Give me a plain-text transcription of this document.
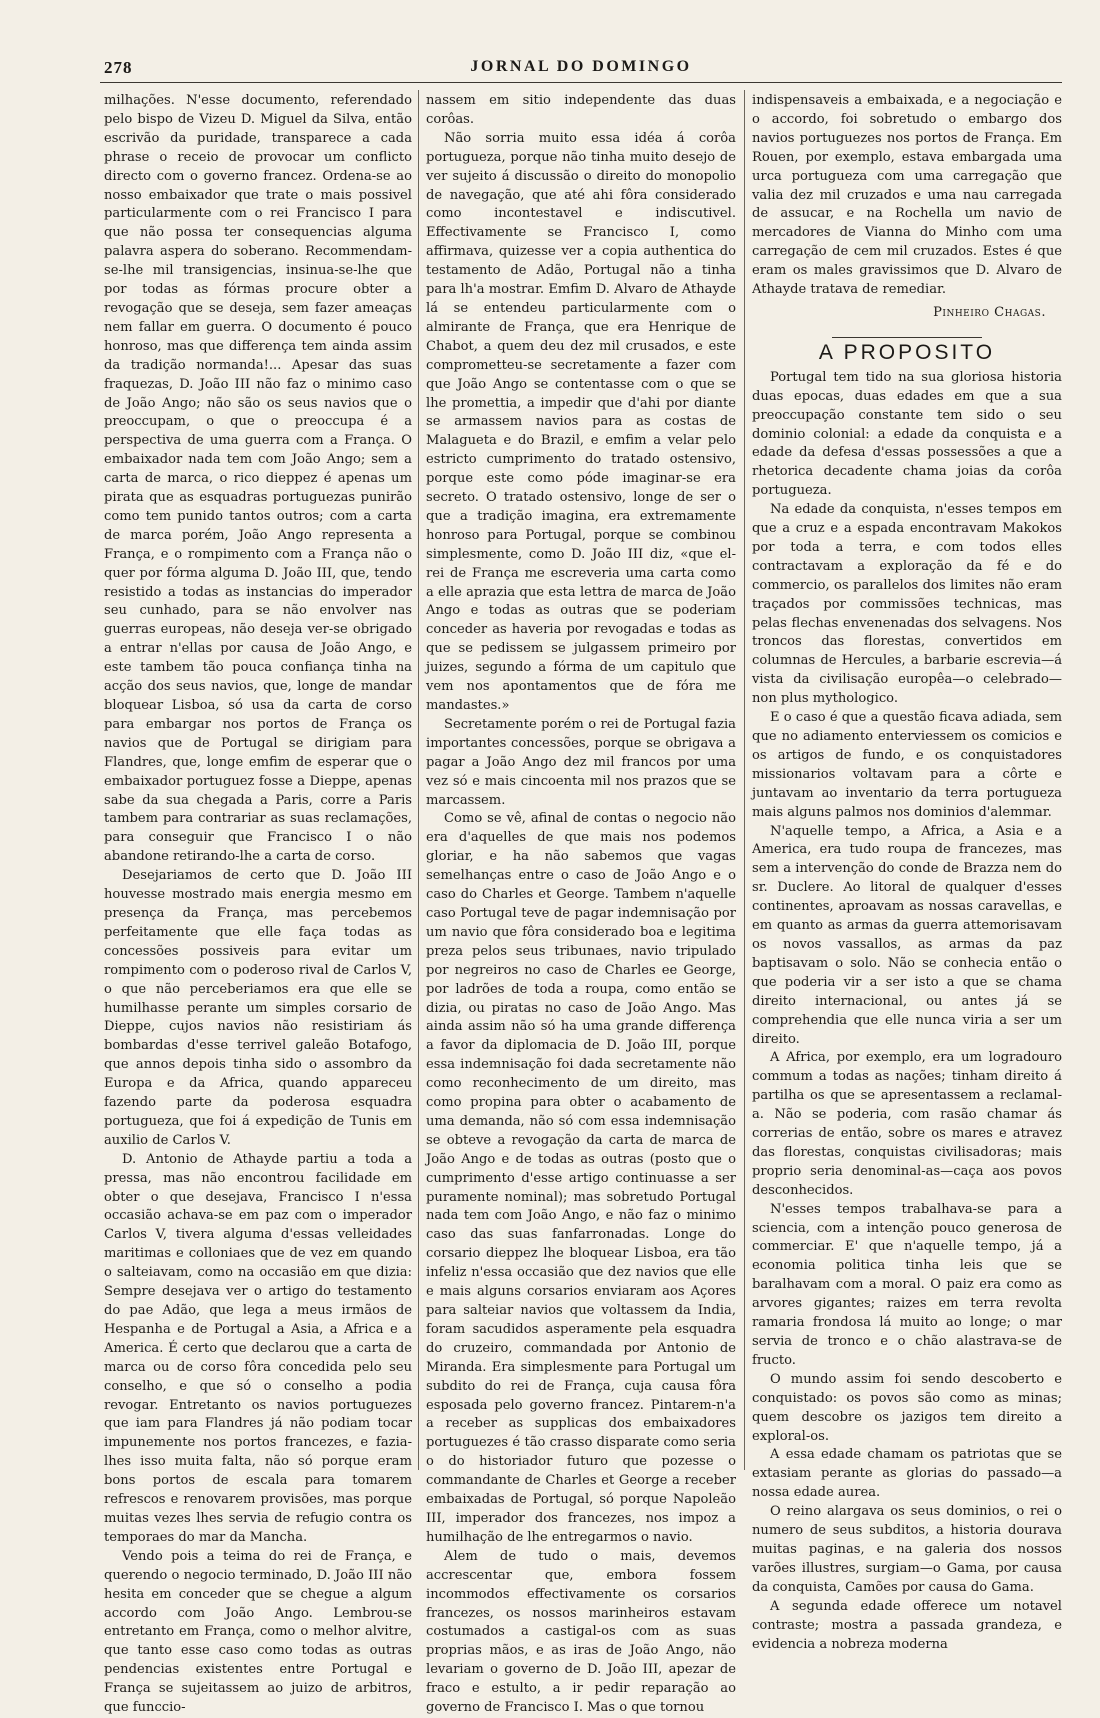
278	JORNAL DO DOMINGO

milhações. N'esse documento, referendado pelo bispo de Vizeu D. Miguel da Silva, então escrivão da puridade, transparece a cada phrase o receio de provocar um conflicto directo com o governo francez. Ordena-se ao nosso embaixador que trate o mais possivel particularmente com o rei Francisco I para que não possa ter consequencias alguma palavra aspera do soberano. Recommendam-se-lhe mil transigencias, insinua-se-lhe que por todas as fórmas procure obter a revogação que se deseja, sem fazer ameaças nem fallar em guerra. O documento é pouco honroso, mas que differença tem ainda assim da tradição normanda!... Apesar das suas fraquezas, D. João III não faz o minimo caso de João Ango; não são os seus navios que o preoccupam, o que o preoccupa é a perspectiva de uma guerra com a França. O embaixador nada tem com João Ango; sem a carta de marca, o rico dieppez é apenas um pirata que as esquadras portuguezas punirão como tem punido tantos outros; com a carta de marca porém, João Ango representa a França, e o rompimento com a França não o quer por fórma alguma D. João III, que, tendo resistido a todas as instancias do imperador seu cunhado, para se não envolver nas guerras europeas, não deseja ver-se obrigado a entrar n'ellas por causa de João Ango, e este tambem tão pouca confiança tinha na acção dos seus navios, que, longe de mandar bloquear Lisboa, só usa da carta de corso para embargar nos portos de França os navios que de Portugal se dirigiam para Flandres, que, longe emfim de esperar que o embaixador portuguez fosse a Dieppe, apenas sabe da sua chegada a Paris, corre a Paris tambem para contrariar as suas reclamações, para conseguir que Francisco I o não abandone retirando-lhe a carta de corso.

Desejariamos de certo que D. João III houvesse mostrado mais energia mesmo em presença da França, mas percebemos perfeitamente que elle faça todas as concessões possiveis para evitar um rompimento com o poderoso rival de Carlos V, o que não perceberiamos era que elle se humilhasse perante um simples corsario de Dieppe, cujos navios não resistiriam ás bombardas d'esse terrivel galeão Botafogo, que annos depois tinha sido o assombro da Europa e da Africa, quando appareceu fazendo parte da poderosa esquadra portugueza, que foi á expedição de Tunis em auxilio de Carlos V.

D. Antonio de Athayde partiu a toda a pressa, mas não encontrou facilidade em obter o que desejava, Francisco I n'essa occasião achava-se em paz com o imperador Carlos V, tivera alguma d'essas velleidades maritimas e colloniaes que de vez em quando o salteiavam, como na occasião em que dizia: Sempre desejava ver o artigo do testamento do pae Adão, que lega a meus irmãos de Hespanha e de Portugal a Asia, a Africa e a America. É certo que declarou que a carta de marca ou de corso fôra concedida pelo seu conselho, e que só o conselho a podia revogar. Entretanto os navios portuguezes que iam para Flandres já não podiam tocar impunemente nos portos francezes, e fazia-lhes isso muita falta, não só porque eram bons portos de escala para tomarem refrescos e renovarem provisões, mas porque muitas vezes lhes servia de refugio contra os temporaes do mar da Mancha.

Vendo pois a teima do rei de França, e querendo o negocio terminado, D. João III não hesita em conceder que se chegue a algum accordo com João Ango. Lembrou-se entretanto em França, como o melhor alvitre, que tanto esse caso como todas as outras pendencias existentes entre Portugal e França se sujeitassem ao juizo de arbitros, que funccio-

nassem em sitio independente das duas corôas.

Não sorria muito essa idéa á corôa portugueza, porque não tinha muito desejo de ver sujeito á discussão o direito do monopolio de navegação, que até ahi fôra considerado como incontestavel e indiscutivel. Effectivamente se Francisco I, como affirmava, quizesse ver a copia authentica do testamento de Adão, Portugal não a tinha para lh'a mostrar. Emfim D. Alvaro de Athayde lá se entendeu particularmente com o almirante de França, que era Henrique de Chabot, a quem deu dez mil crusados, e este comprometteu-se secretamente a fazer com que João Ango se contentasse com o que se lhe promettia, a impedir que d'ahi por diante se armassem navios para as costas de Malagueta e do Brazil, e emfim a velar pelo estricto cumprimento do tratado ostensivo, porque este como póde imaginar-se era secreto. O tratado ostensivo, longe de ser o que a tradição imagina, era extremamente honroso para Portugal, porque se combinou simplesmente, como D. João III diz, «que el-rei de França me escreveria uma carta como a elle aprazia que esta lettra de marca de João Ango e todas as outras que se poderiam conceder as haveria por revogadas e todas as que se pedissem se julgassem primeiro por juizes, segundo a fórma de um capitulo que vem nos apontamentos que de fóra me mandastes.»

Secretamente porém o rei de Portugal fazia importantes concessões, porque se obrigava a pagar a João Ango dez mil francos por uma vez só e mais cincoenta mil nos prazos que se marcassem.

Como se vê, afinal de contas o negocio não era d'aquelles de que mais nos podemos gloriar, e ha não sabemos que vagas semelhanças entre o caso de João Ango e o caso do Charles et George. Tambem n'aquelle caso Portugal teve de pagar indemnisação por um navio que fôra considerado boa e legitima preza pelos seus tribunaes, navio tripulado por negreiros no caso de Charles ee George, por ladrões de toda a roupa, como então se dizia, ou piratas no caso de João Ango. Mas ainda assim não só ha uma grande differença a favor da diplomacia de D. João III, porque essa indemnisação foi dada secretamente não como reconhecimento de um direito, mas como propina para obter o acabamento de uma demanda, não só com essa indemnisação se obteve a revogação da carta de marca de João Ango e de todas as outras (posto que o cumprimento d'esse artigo continuasse a ser puramente nominal); mas sobretudo Portugal nada tem com João Ango, e não faz o minimo caso das suas fanfarronadas. Longe do corsario dieppez lhe bloquear Lisboa, era tão infeliz n'essa occasião que dez navios que elle e mais alguns corsarios enviaram aos Açores para salteiar navios que voltassem da India, foram sacudidos asperamente pela esquadra do cruzeiro, commandada por Antonio de Miranda. Era simplesmente para Portugal um subdito do rei de França, cuja causa fôra esposada pelo governo francez. Pintarem-n'a a receber as supplicas dos embaixadores portuguezes é tão crasso disparate como seria o do historiador futuro que pozesse o commandante de Charles et George a receber embaixadas de Portugal, só porque Napoleão III, imperador dos francezes, nos impoz a humilhação de lhe entregarmos o navio.

Alem de tudo o mais, devemos accrescentar que, embora fossem incommodos effectivamente os corsarios francezes, os nossos marinheiros estavam costumados a castigal-os com as suas proprias mãos, e as iras de João Ango, não levariam o governo de D. João III, apezar de fraco e estulto, a ir pedir reparação ao governo de Francisco I. Mas o que tornou

indispensaveis a embaixada, e a negociação e o accordo, foi sobretudo o embargo dos navios portuguezes nos portos de França. Em Rouen, por exemplo, estava embargada uma urca portugueza com uma carregação que valia dez mil cruzados e uma nau carregada de assucar, e na Rochella um navio de mercadores de Vianna do Minho com uma carregação de cem mil cruzados. Estes é que eram os males gravissimos que D. Alvaro de Athayde tratava de remediar.

Pinheiro Chagas.
A PROPOSITO

Portugal tem tido na sua gloriosa historia duas epocas, duas edades em que a sua preoccupação constante tem sido o seu dominio colonial: a edade da conquista e a edade da defesa d'essas possessões a que a rhetorica decadente chama joias da corôa portugueza.

Na edade da conquista, n'esses tempos em que a cruz e a espada encontravam Makokos por toda a terra, e com todos elles contractavam a exploração da fé e do commercio, os parallelos dos limites não eram traçados por commissões technicas, mas pelas flechas envenenadas dos selvagens. Nos troncos das florestas, convertidos em columnas de Hercules, a barbarie escrevia—á vista da civilisação europêa—o celebrado—non plus mythologico.

E o caso é que a questão ficava adiada, sem que no adiamento enterviessem os comicios e os artigos de fundo, e os conquistadores missionarios voltavam para a côrte e juntavam ao inventario da terra portugueza mais alguns palmos nos dominios d'alemmar.

N'aquelle tempo, a Africa, a Asia e a America, era tudo roupa de francezes, mas sem a intervenção do conde de Brazza nem do sr. Duclere. Ao litoral de qualquer d'esses continentes, aproavam as nossas caravellas, e em quanto as armas da guerra attemorisavam os novos vassallos, as armas da paz baptisavam o solo. Não se conhecia então o que poderia vir a ser isto a que se chama direito internacional, ou antes já se comprehendia que elle nunca viria a ser um direito.

A Africa, por exemplo, era um logradouro commum a todas as nações; tinham direito á partilha os que se apresentassem a reclamal-a. Não se poderia, com rasão chamar ás correrias de então, sobre os mares e atravez das florestas, conquistas civilisadoras; mais proprio seria denominal-as—caça aos povos desconhecidos.

N'esses tempos trabalhava-se para a sciencia, com a intenção pouco generosa de commerciar. E' que n'aquelle tempo, já a economia politica tinha leis que se baralhavam com a moral. O paiz era como as arvores gigantes; raizes em terra revolta ramaria frondosa lá muito ao longe; o mar servia de tronco e o chão alastrava-se de fructo.

O mundo assim foi sendo descoberto e conquistado: os povos são como as minas; quem descobre os jazigos tem direito a exploral-os.

A essa edade chamam os patriotas que se extasiam perante as glorias do passado—a nossa edade aurea.

O reino alargava os seus dominios, o rei o numero de seus subditos, a historia dourava muitas paginas, e na galeria dos nossos varões illustres, surgiam—o Gama, por causa da conquista, Camões por causa do Gama.

A segunda edade offerece um notavel contraste; mostra a passada grandeza, e evidencia a nobreza moderna
